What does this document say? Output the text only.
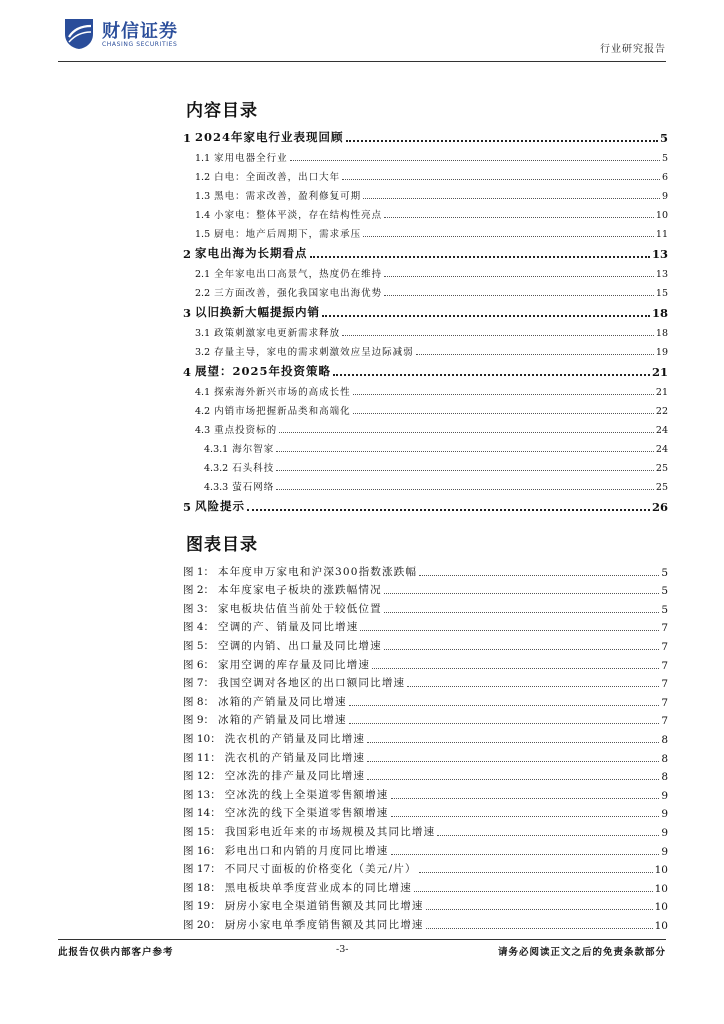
财信证券
CHASING SECURITIES	行业研究报告
内容目录
1 2024年家电行业表现回顾	5
1.1 家用电器全行业	5
1.2 白电：全面改善，出口大年	6
1.3 黑电：需求改善，盈利修复可期	9
1.4 小家电：整体平淡，存在结构性亮点	10
1.5 厨电：地产后周期下，需求承压	11
2 家电出海为长期看点	13
2.1 全年家电出口高景气，热度仍在维持	13
2.2 三方面改善，强化我国家电出海优势	15
3 以旧换新大幅提振内销	18
3.1 政策刺激家电更新需求释放	18
3.2 存量主导，家电的需求刺激效应呈边际减弱	19
4 展望：2025年投资策略	21
4.1 探索海外新兴市场的高成长性	21
4.2 内销市场把握新品类和高端化	22
4.3 重点投资标的	24
4.3.1 海尔智家	24
4.3.2 石头科技	25
4.3.3 萤石网络	25
5 风险提示	26
图表目录
图 1： 本年度申万家电和沪深300指数涨跌幅	5
图 2： 本年度家电子板块的涨跌幅情况	5
图 3： 家电板块估值当前处于较低位置	5
图 4： 空调的产、销量及同比增速	7
图 5： 空调的内销、出口量及同比增速	7
图 6： 家用空调的库存量及同比增速	7
图 7： 我国空调对各地区的出口额同比增速	7
图 8： 冰箱的产销量及同比增速	7
图 9： 冰箱的产销量及同比增速	7
图 10： 洗衣机的产销量及同比增速	8
图 11： 洗衣机的产销量及同比增速	8
图 12： 空冰洗的排产量及同比增速	8
图 13： 空冰洗的线上全渠道零售额增速	9
图 14： 空冰洗的线下全渠道零售额增速	9
图 15： 我国彩电近年来的市场规模及其同比增速	9
图 16： 彩电出口和内销的月度同比增速	9
图 17： 不同尺寸面板的价格变化（美元/片）	10
图 18： 黑电板块单季度营业成本的同比增速	10
图 19： 厨房小家电全渠道销售额及其同比增速	10
图 20： 厨房小家电单季度销售额及其同比增速	10
此报告仅供内部客户参考	-3-	请务必阅读正文之后的免责条款部分
